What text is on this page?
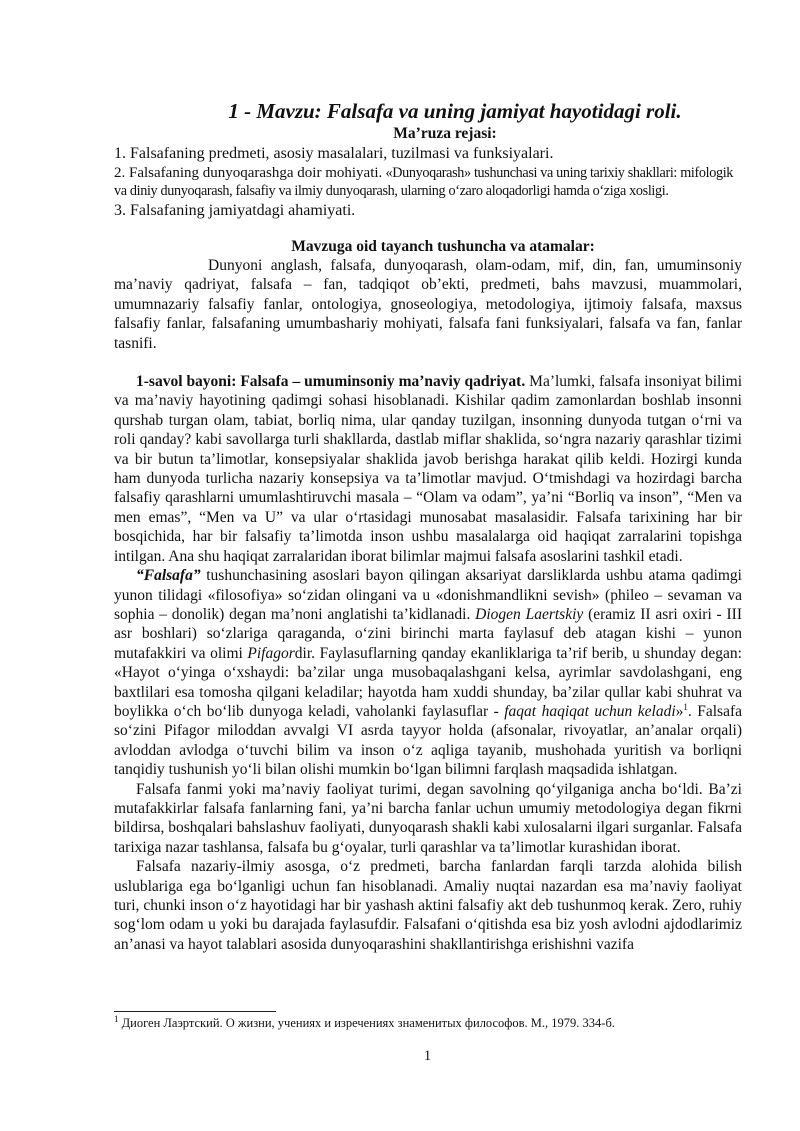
1 - Mavzu: Falsafa va uning jamiyat hayotidagi roli.
Ma’ruza rejasi:
1. Falsafaning predmeti, asosiy masalalari, tuzilmasi va funksiyalari.
2. Falsafaning dunyoqarashga doir mohiyati. «Dunyoqarash» tushunchasi va uning tarixiy shakllari: mifologik va diniy dunyoqarash, falsafiy va ilmiy dunyoqarash, ularning o‘zaro aloqadorligi hamda o‘ziga xosligi.
3. Falsafaning jamiyatdagi ahamiyati.
Mavzuga oid tayanch tushuncha va atamalar:
Dunyoni anglash, falsafa, dunyoqarash, olam-odam, mif, din, fan, umuminsoniy ma’naviy qadriyat, falsafa – fan, tadqiqot ob’ekti, predmeti, bahs mavzusi, muammolari, umumnazariy falsafiy fanlar, ontologiya, gnoseologiya, metodologiya, ijtimoiy falsafa, maxsus falsafiy fanlar, falsafaning umumbashariy mohiyati, falsafa fani funksiyalari, falsafa va fan, fanlar tasnifi.

1-savol bayoni: Falsafa – umuminsoniy ma’naviy qadriyat. Ma’lumki, falsafa insoniyat bilimi va ma’naviy hayotining qadimgi sohasi hisoblanadi. Kishilar qadim zamonlardan boshlab insonni qurshab turgan olam, tabiat, borliq nima, ular qanday tuzilgan, insonning dunyoda tutgan o‘rni va roli qanday? kabi savollarga turli shakllarda, dastlab miflar shaklida, so‘ngra nazariy qarashlar tizimi va bir butun ta’limotlar, konsepsiyalar shaklida javob berishga harakat qilib keldi. Hozirgi kunda ham dunyoda turlicha nazariy konsepsiya va ta’limotlar mavjud. O‘tmishdagi va hozirdagi barcha falsafiy qarashlarni umumlashtiruvchi masala – “Olam va odam”, ya’ni “Borliq va inson”, “Men va men emas”, “Men va U” va ular o‘rtasidagi munosabat masalasidir. Falsafa tarixining har bir bosqichida, har bir falsafiy ta’limotda inson ushbu masalalarga oid haqiqat zarralarini topishga intilgan. Ana shu haqiqat zarralaridan iborat bilimlar majmui falsafa asoslarini tashkil etadi.

“Falsafa” tushunchasining asoslari bayon qilingan aksariyat darsliklarda ushbu atama qadimgi yunon tilidagi «filosofiya» so‘zidan olingani va u «donishmandlikni sevish» (phileo – sevaman va sophia – donolik) degan ma’noni anglatishi ta’kidlanadi. Diogen Laertskiy (eramiz II asri oxiri - III asr boshlari) so‘zlariga qaraganda, o‘zini birinchi marta faylasuf deb atagan kishi – yunon mutafakkiri va olimi Pifagordir. Faylasuflarning qanday ekanliklariga ta’rif berib, u shunday degan: «Hayot o‘yinga o‘xshaydi: ba’zilar unga musobaqalashgani kelsa, ayrimlar savdolashgani, eng baxtlilari esa tomosha qilgani keladilar; hayotda ham xuddi shunday, ba’zilar qullar kabi shuhrat va boylikka o‘ch bo‘lib dunyoga keladi, vaholanki faylasuflar - faqat haqiqat uchun keladi»$^1$. Falsafa so‘zini Pifagor miloddan avvalgi VI asrda tayyor holda (afsonalar, rivoyatlar, an’analar orqali) avloddan avlodga o‘tuvchi bilim va inson o‘z aqliga tayanib, mushohada yuritish va borliqni tanqidiy tushunish yo‘li bilan olishi mumkin bo‘lgan bilimni farqlash maqsadida ishlatgan.

Falsafa fanmi yoki ma’naviy faoliyat turimi, degan savolning qo‘yilganiga ancha bo‘ldi. Ba’zi mutafakkirlar falsafa fanlarning fani, ya’ni barcha fanlar uchun umumiy metodologiya degan fikrni bildirsa, boshqalari bahslashuv faoliyati, dunyoqarash shakli kabi xulosalarni ilgari surganlar. Falsafa tarixiga nazar tashlansa, falsafa bu g‘oyalar, turli qarashlar va ta’limotlar kurashidan iborat.

Falsafa nazariy-ilmiy asosga, o‘z predmeti, barcha fanlardan farqli tarzda alohida bilish uslublariga ega bo‘lganligi uchun fan hisoblanadi. Amaliy nuqtai nazardan esa ma’naviy faoliyat turi, chunki inson o‘z hayotidagi har bir yashash aktini falsafiy akt deb tushunmoq kerak. Zero, ruhiy sog‘lom odam u yoki bu darajada faylasufdir. Falsafani o‘qitishda esa biz yosh avlodni ajdodlarimiz an’anasi va hayot talablari asosida dunyoqarashini shakllantirishga erishishni vazifa

$^1$ Диоген Лаэртский. О жизни, учениях и изречениях знаменитых философов. М., 1979. 334-б.
1
